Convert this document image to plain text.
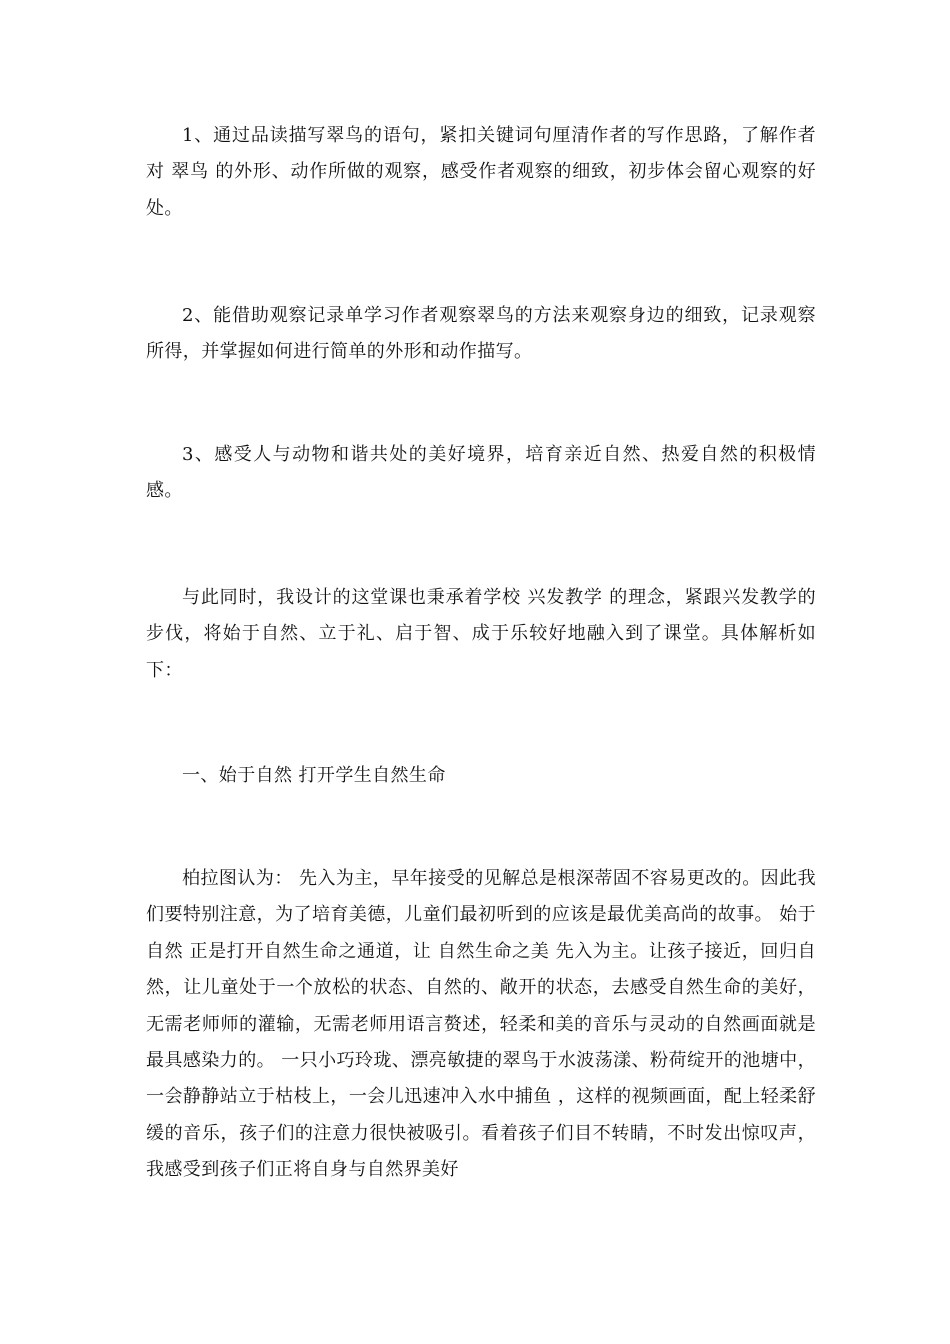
1、通过品读描写翠鸟的语句，紧扣关键词句厘清作者的写作思路，了解作者对 翠鸟 的外形、动作所做的观察，感受作者观察的细致，初步体会留心观察的好处。

2、能借助观察记录单学习作者观察翠鸟的方法来观察身边的细致，记录观察所得，并掌握如何进行简单的外形和动作描写。

3、感受人与动物和谐共处的美好境界，培育亲近自然、热爱自然的积极情感。

与此同时，我设计的这堂课也秉承着学校 兴发教学 的理念，紧跟兴发教学的步伐，将始于自然、立于礼、启于智、成于乐较好地融入到了课堂。具体解析如下：

一、始于自然 打开学生自然生命

柏拉图认为： 先入为主，早年接受的见解总是根深蒂固不容易更改的。因此我们要特别注意，为了培育美德，儿童们最初听到的应该是最优美高尚的故事。 始于自然 正是打开自然生命之通道，让 自然生命之美 先入为主。让孩子接近，回归自然，让儿童处于一个放松的状态、自然的、敞开的状态，去感受自然生命的美好，无需老师师的灌输，无需老师用语言赘述，轻柔和美的音乐与灵动的自然画面就是最具感染力的。 一只小巧玲珑、漂亮敏捷的翠鸟于水波荡漾、粉荷绽开的池塘中，一会静静站立于枯枝上，一会儿迅速冲入水中捕鱼 ，这样的视频画面，配上轻柔舒缓的音乐，孩子们的注意力很快被吸引。看着孩子们目不转睛，不时发出惊叹声，我感受到孩子们正将自身与自然界美好
